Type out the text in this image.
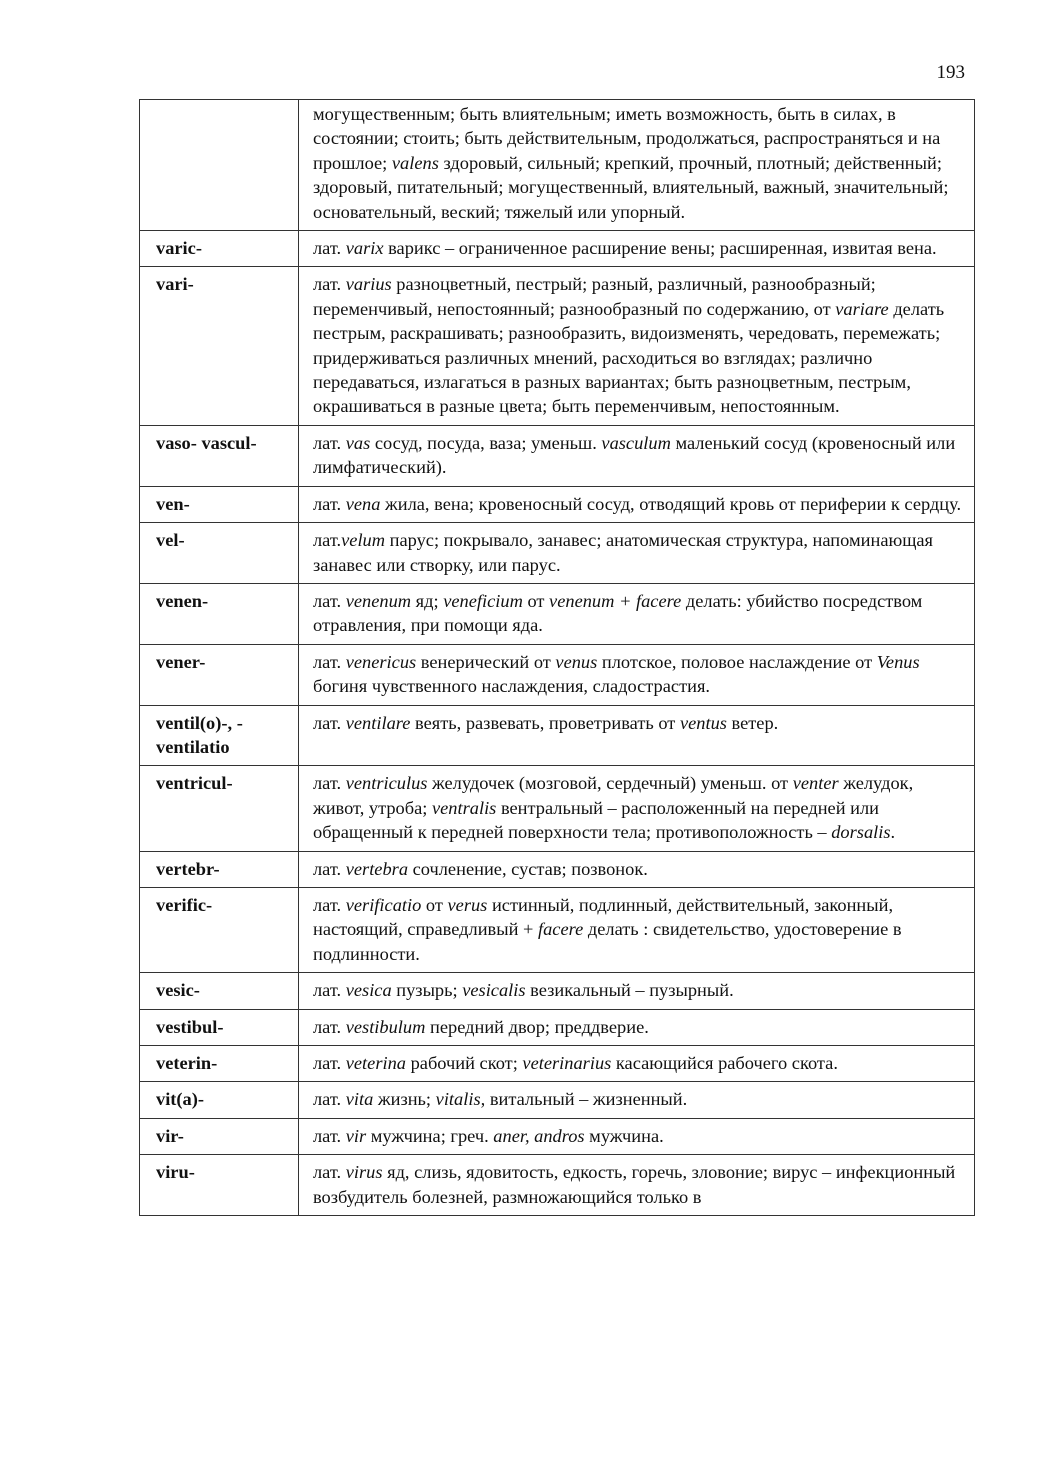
193
	могущественным; быть влиятельным; иметь возможность, быть в силах, в состоянии; стоить; быть действительным, продолжаться, распространяться и на прошлое; valens здоровый, сильный; крепкий, прочный, плотный; действенный; здоровый, питательный; могущественный, влиятельный, важный, значительный; основательный, веский; тяжелый или упорный.
varic-	лат. varix варикс – ограниченное расширение вены; расширенная, извитая вена.
vari-	лат. varius разноцветный, пестрый; разный, различный, разнообразный; переменчивый, непостоянный; разнообразный по содержанию, от variare делать пестрым, раскрашивать; разнообразить, видоизменять, чередовать, перемежать; придерживаться различных мнений, расходиться во взглядах; различно передаваться, излагаться в разных вариантах; быть разноцветным, пестрым, окрашиваться в разные цвета; быть переменчивым, непостоянным.
vaso- vascul-	лат. vas сосуд, посуда, ваза; уменьш. vasculum маленький сосуд (кровеносный или лимфатический).
ven-	лат. vena жила, вена; кровеносный сосуд, отводящий кровь от периферии к сердцу.
vel-	лат.velum парус; покрывало, занавес; анатомическая структура, напоминающая занавес или створку, или парус.
venen-	лат. venenum яд; veneficium от venenum + facere делать: убийство посредством отравления, при помощи яда.
vener-	лат. venericus венерический от venus плотское, половое наслаждение от Venus богиня чувственного наслаждения, сладострастия.
ventil(o)-, - ventilatio	лат. ventilare веять, развевать, проветривать от ventus ветер.
ventricul-	лат. ventriculus желудочек (мозговой, сердечный) уменьш. от venter желудок, живот, утроба; ventralis вентральный – расположенный на передней или обращенный к передней поверхности тела; противоположность – dorsalis.
vertebr-	лат. vertebra сочленение, сустав; позвонок.
verific-	лат. verificatio от verus истинный, подлинный, действительный, законный, настоящий, справедливый + facere делать : свидетельство, удостоверение в подлинности.
vesic-	лат. vesica пузырь; vesicalis везикальный – пузырный.
vestibul-	лат. vestibulum передний двор; преддверие.
veterin-	лат. veterina рабочий скот; veterinarius касающийся рабочего скота.
vit(a)-	лат. vita жизнь; vitalis, витальный – жизненный.
vir-	лат. vir мужчина; греч. aner, andros мужчина.
viru-	лат. virus яд, слизь, ядовитость, едкость, горечь, зловоние; вирус – инфекционный возбудитель болезней, размножающийся только в
